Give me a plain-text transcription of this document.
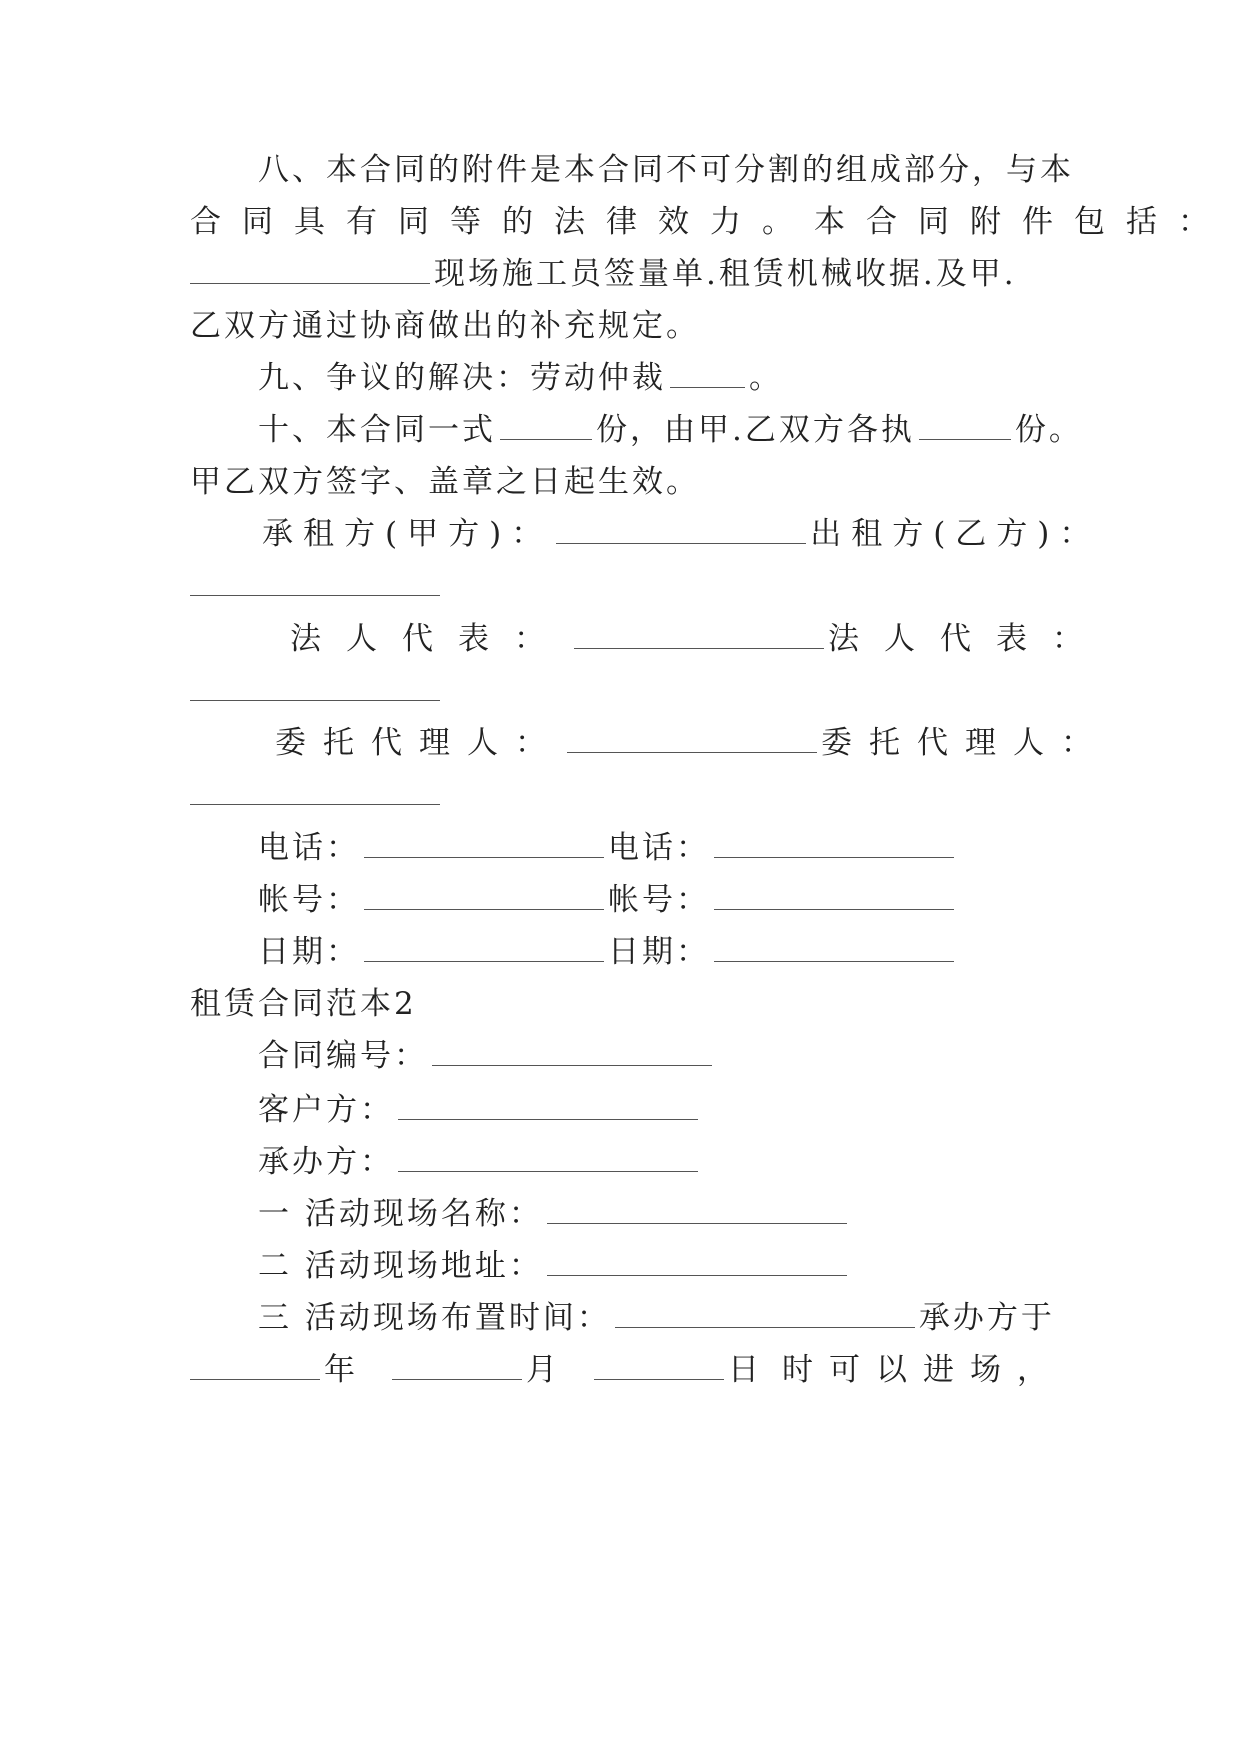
八、本合同的附件是本合同不可分割的组成部分，与本
合同具有同等的法律效力。本合同附件包括：
现场施工员签量单.租赁机械收据.及甲.
乙双方通过协商做出的补充规定。
九、争议的解决：劳动仲裁	。
十、本合同一式	份，由甲.乙双方各执	份。
甲乙双方签字、盖章之日起生效。
承租方(甲方)：	出租方(乙方)：
法人代表：	法人代表：
委托代理人：	委托代理人：
电话：	电话：
帐号：	帐号：
日期：	日期：
租赁合同范本2
合同编号：
客户方：
承办方：
一 活动现场名称：
二 活动现场地址：
三 活动现场布置时间：	承办方于
年	月	日 时可以进场，
